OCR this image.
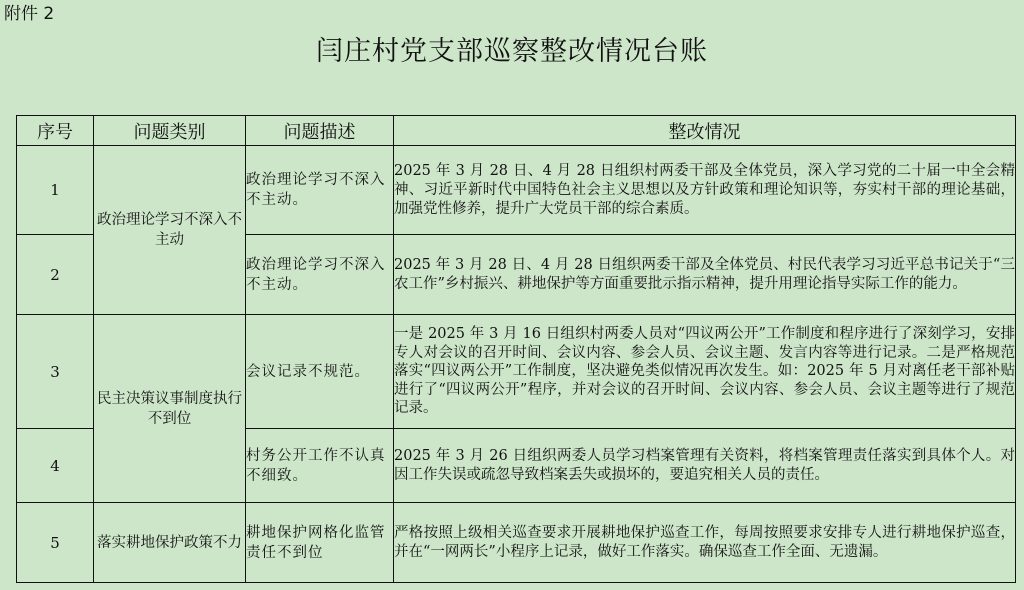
附件 2
闫庄村党支部巡察整改情况台账
序号	问题类别	问题描述	整改情况
1	政治理论学习不深入不主动	政治理论学习不深入不主动。	2025 年 3 月 28 日、4 月 28 日组织村两委干部及全体党员，深入学习党的二十届一中全会精神、习近平新时代中国特色社会主义思想以及方针政策和理论知识等，夯实村干部的理论基础，加强党性修养，提升广大党员干部的综合素质。
2		政治理论学习不深入不主动。	2025 年 3 月 28 日、4 月 28 日组织两委干部及全体党员、村民代表学习习近平总书记关于“三农工作”乡村振兴、耕地保护等方面重要批示指示精神，提升用理论指导实际工作的能力。
3	民主决策议事制度执行不到位	会议记录不规范。	一是 2025 年 3 月 16 日组织村两委人员对“四议两公开”工作制度和程序进行了深刻学习，安排专人对会议的召开时间、会议内容、参会人员、会议主题、发言内容等进行记录。二是严格规范落实“四议两公开”工作制度，坚决避免类似情况再次发生。如：2025 年 5 月对离任老干部补贴进行了“四议两公开”程序，并对会议的召开时间、会议内容、参会人员、会议主题等进行了规范记录。
4		村务公开工作不认真不细致。	2025 年 3 月 26 日组织两委人员学习档案管理有关资料，将档案管理责任落实到具体个人。对因工作失误或疏忽导致档案丢失或损坏的，要追究相关人员的责任。
5	落实耕地保护政策不力	耕地保护网格化监管责任不到位	严格按照上级相关巡查要求开展耕地保护巡查工作，每周按照要求安排专人进行耕地保护巡查，并在“一网两长”小程序上记录，做好工作落实。确保巡查工作全面、无遗漏。
